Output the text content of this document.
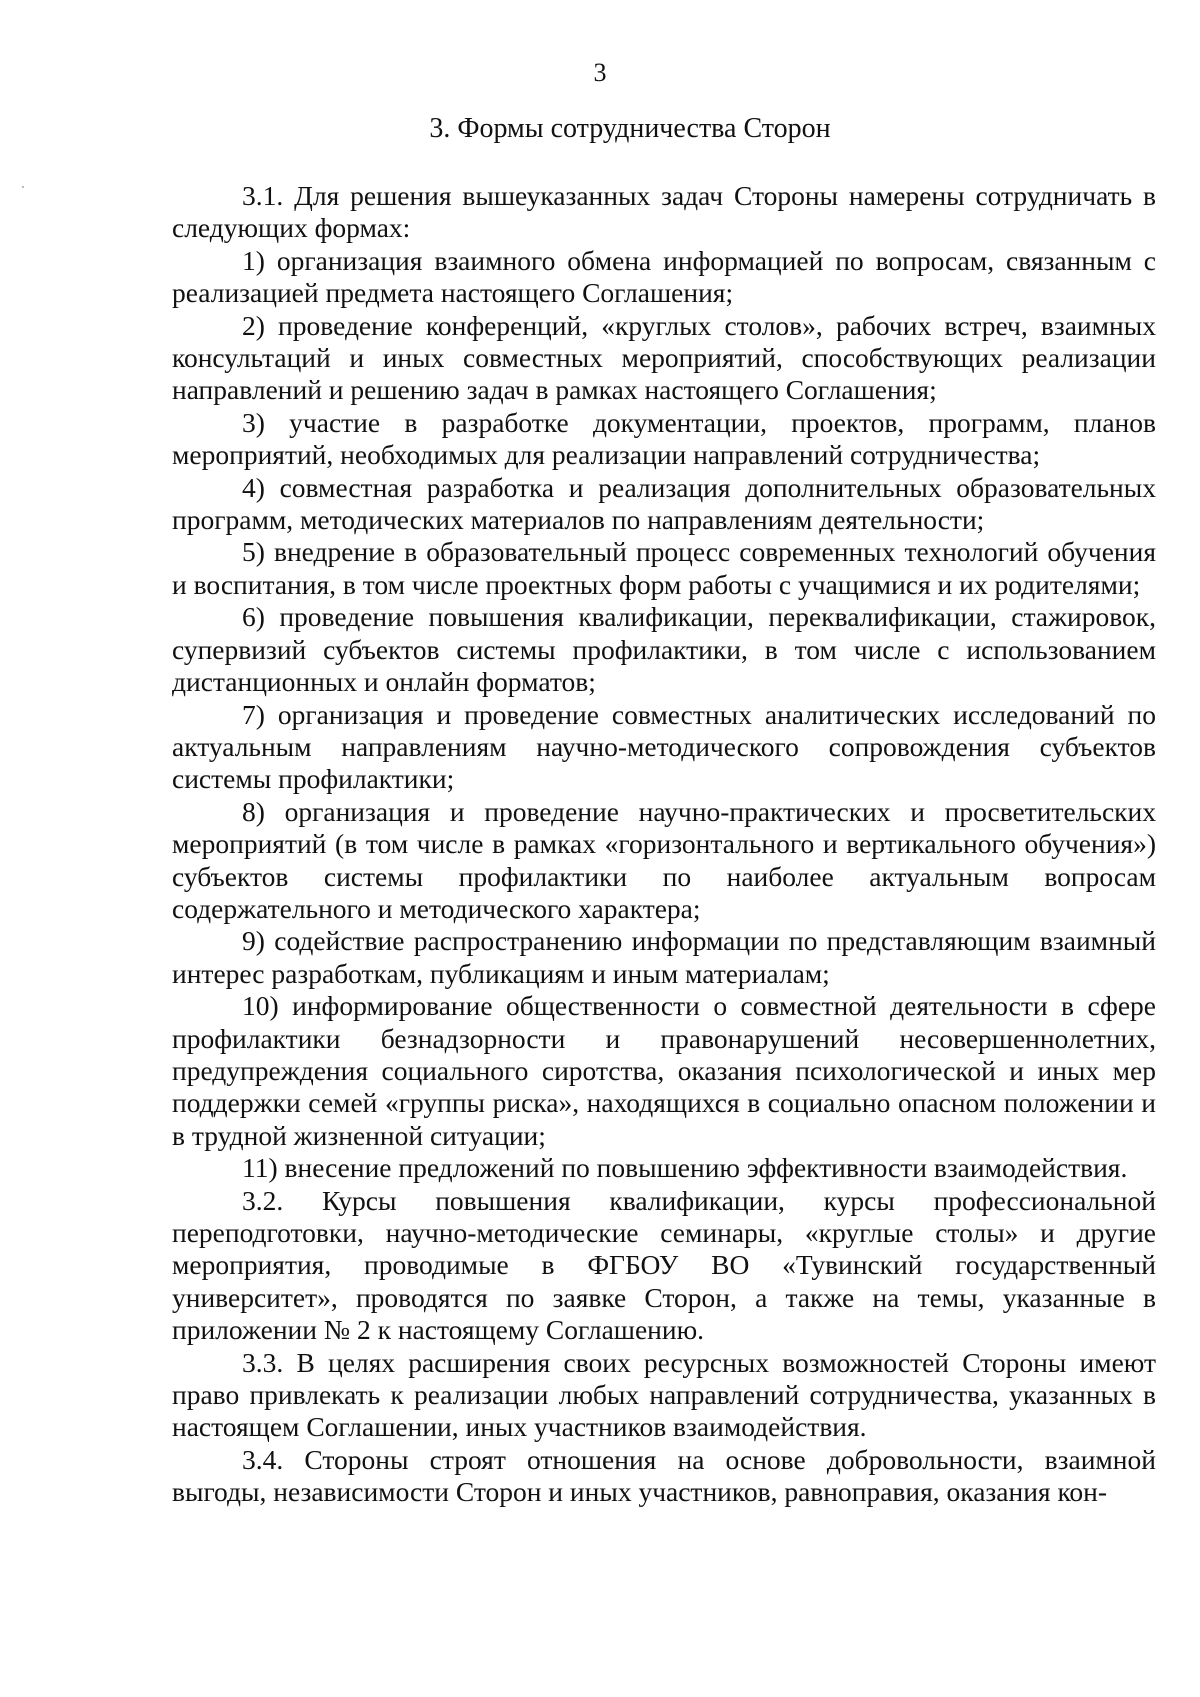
3
3. Формы сотрудничества Сторон

3.1. Для решения вышеуказанных задач Стороны намерены сотрудничать в следующих формах:

1) организация взаимного обмена информацией по вопросам, связанным с реализацией предмета настоящего Соглашения;

2) проведение конференций, «круглых столов», рабочих встреч, взаимных консультаций и иных совместных мероприятий, способствующих реализации направлений и решению задач в рамках настоящего Соглашения;

3) участие в разработке документации, проектов, программ, планов мероприятий, необходимых для реализации направлений сотрудничества;

4) совместная разработка и реализация дополнительных образовательных программ, методических материалов по направлениям деятельности;

5) внедрение в образовательный процесс современных технологий обучения и воспитания, в том числе проектных форм работы с учащимися и их родителями;

6) проведение повышения квалификации, переквалификации, стажировок, супервизий субъектов системы профилактики, в том числе с использованием дистанционных и онлайн форматов;

7) организация и проведение совместных аналитических исследований по актуальным направлениям научно-методического сопровождения субъектов системы профилактики;

8) организация и проведение научно-практических и просветительских мероприятий (в том числе в рамках «горизонтального и вертикального обучения») субъектов системы профилактики по наиболее актуальным вопросам содержательного и методического характера;

9) содействие распространению информации по представляющим взаимный интерес разработкам, публикациям и иным материалам;

10) информирование общественности о совместной деятельности в сфере профилактики безнадзорности и правонарушений несовершеннолетних, предупреждения социального сиротства, оказания психологической и иных мер поддержки семей «группы риска», находящихся в социально опасном положении и в трудной жизненной ситуации;

11) внесение предложений по повышению эффективности взаимодействия.

3.2. Курсы повышения квалификации, курсы профессиональной переподготовки, научно-методические семинары, «круглые столы» и другие мероприятия, проводимые в ФГБОУ ВО «Тувинский государственный университет», проводятся по заявке Сторон, а также на темы, указанные в приложении № 2 к настоящему Соглашению.

3.3. В целях расширения своих ресурсных возможностей Стороны имеют право привлекать к реализации любых направлений сотрудничества, указанных в настоящем Соглашении, иных участников взаимодействия.

3.4. Стороны строят отношения на основе добровольности, взаимной выгоды, независимости Сторон и иных участников, равноправия, оказания кон-
